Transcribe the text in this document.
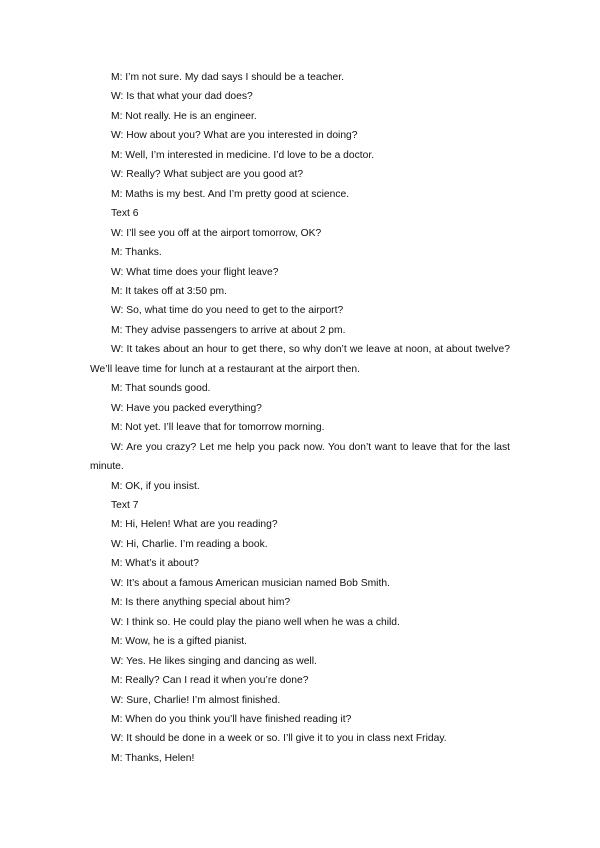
M: I’m not sure. My dad says I should be a teacher.

W: Is that what your dad does?

M: Not really. He is an engineer.

W: How about you? What are you interested in doing?

M: Well, I’m interested in medicine. I’d love to be a doctor.

W: Really? What subject are you good at?

M: Maths is my best. And I’m pretty good at science.

Text 6

W: I’ll see you off at the airport tomorrow, OK?

M: Thanks.

W: What time does your flight leave?

M: It takes off at 3:50 pm.

W: So, what time do you need to get to the airport?

M: They advise passengers to arrive at about 2 pm.

W: It takes about an hour to get there, so why don’t we leave at noon, at about twelve? We’ll leave time for lunch at a restaurant at the airport then.

M: That sounds good.

W: Have you packed everything?

M: Not yet. I’ll leave that for tomorrow morning.

W: Are you crazy? Let me help you pack now. You don’t want to leave that for the last minute.

M: OK, if you insist.

Text 7

M: Hi, Helen! What are you reading?

W: Hi, Charlie. I’m reading a book.

M: What’s it about?

W: It’s about a famous American musician named Bob Smith.

M: Is there anything special about him?

W: I think so. He could play the piano well when he was a child.

M: Wow, he is a gifted pianist.

W: Yes. He likes singing and dancing as well.

M: Really? Can I read it when you’re done?

W: Sure, Charlie! I’m almost finished.

M: When do you think you’ll have finished reading it?

W: It should be done in a week or so. I’ll give it to you in class next Friday.

M: Thanks, Helen!
